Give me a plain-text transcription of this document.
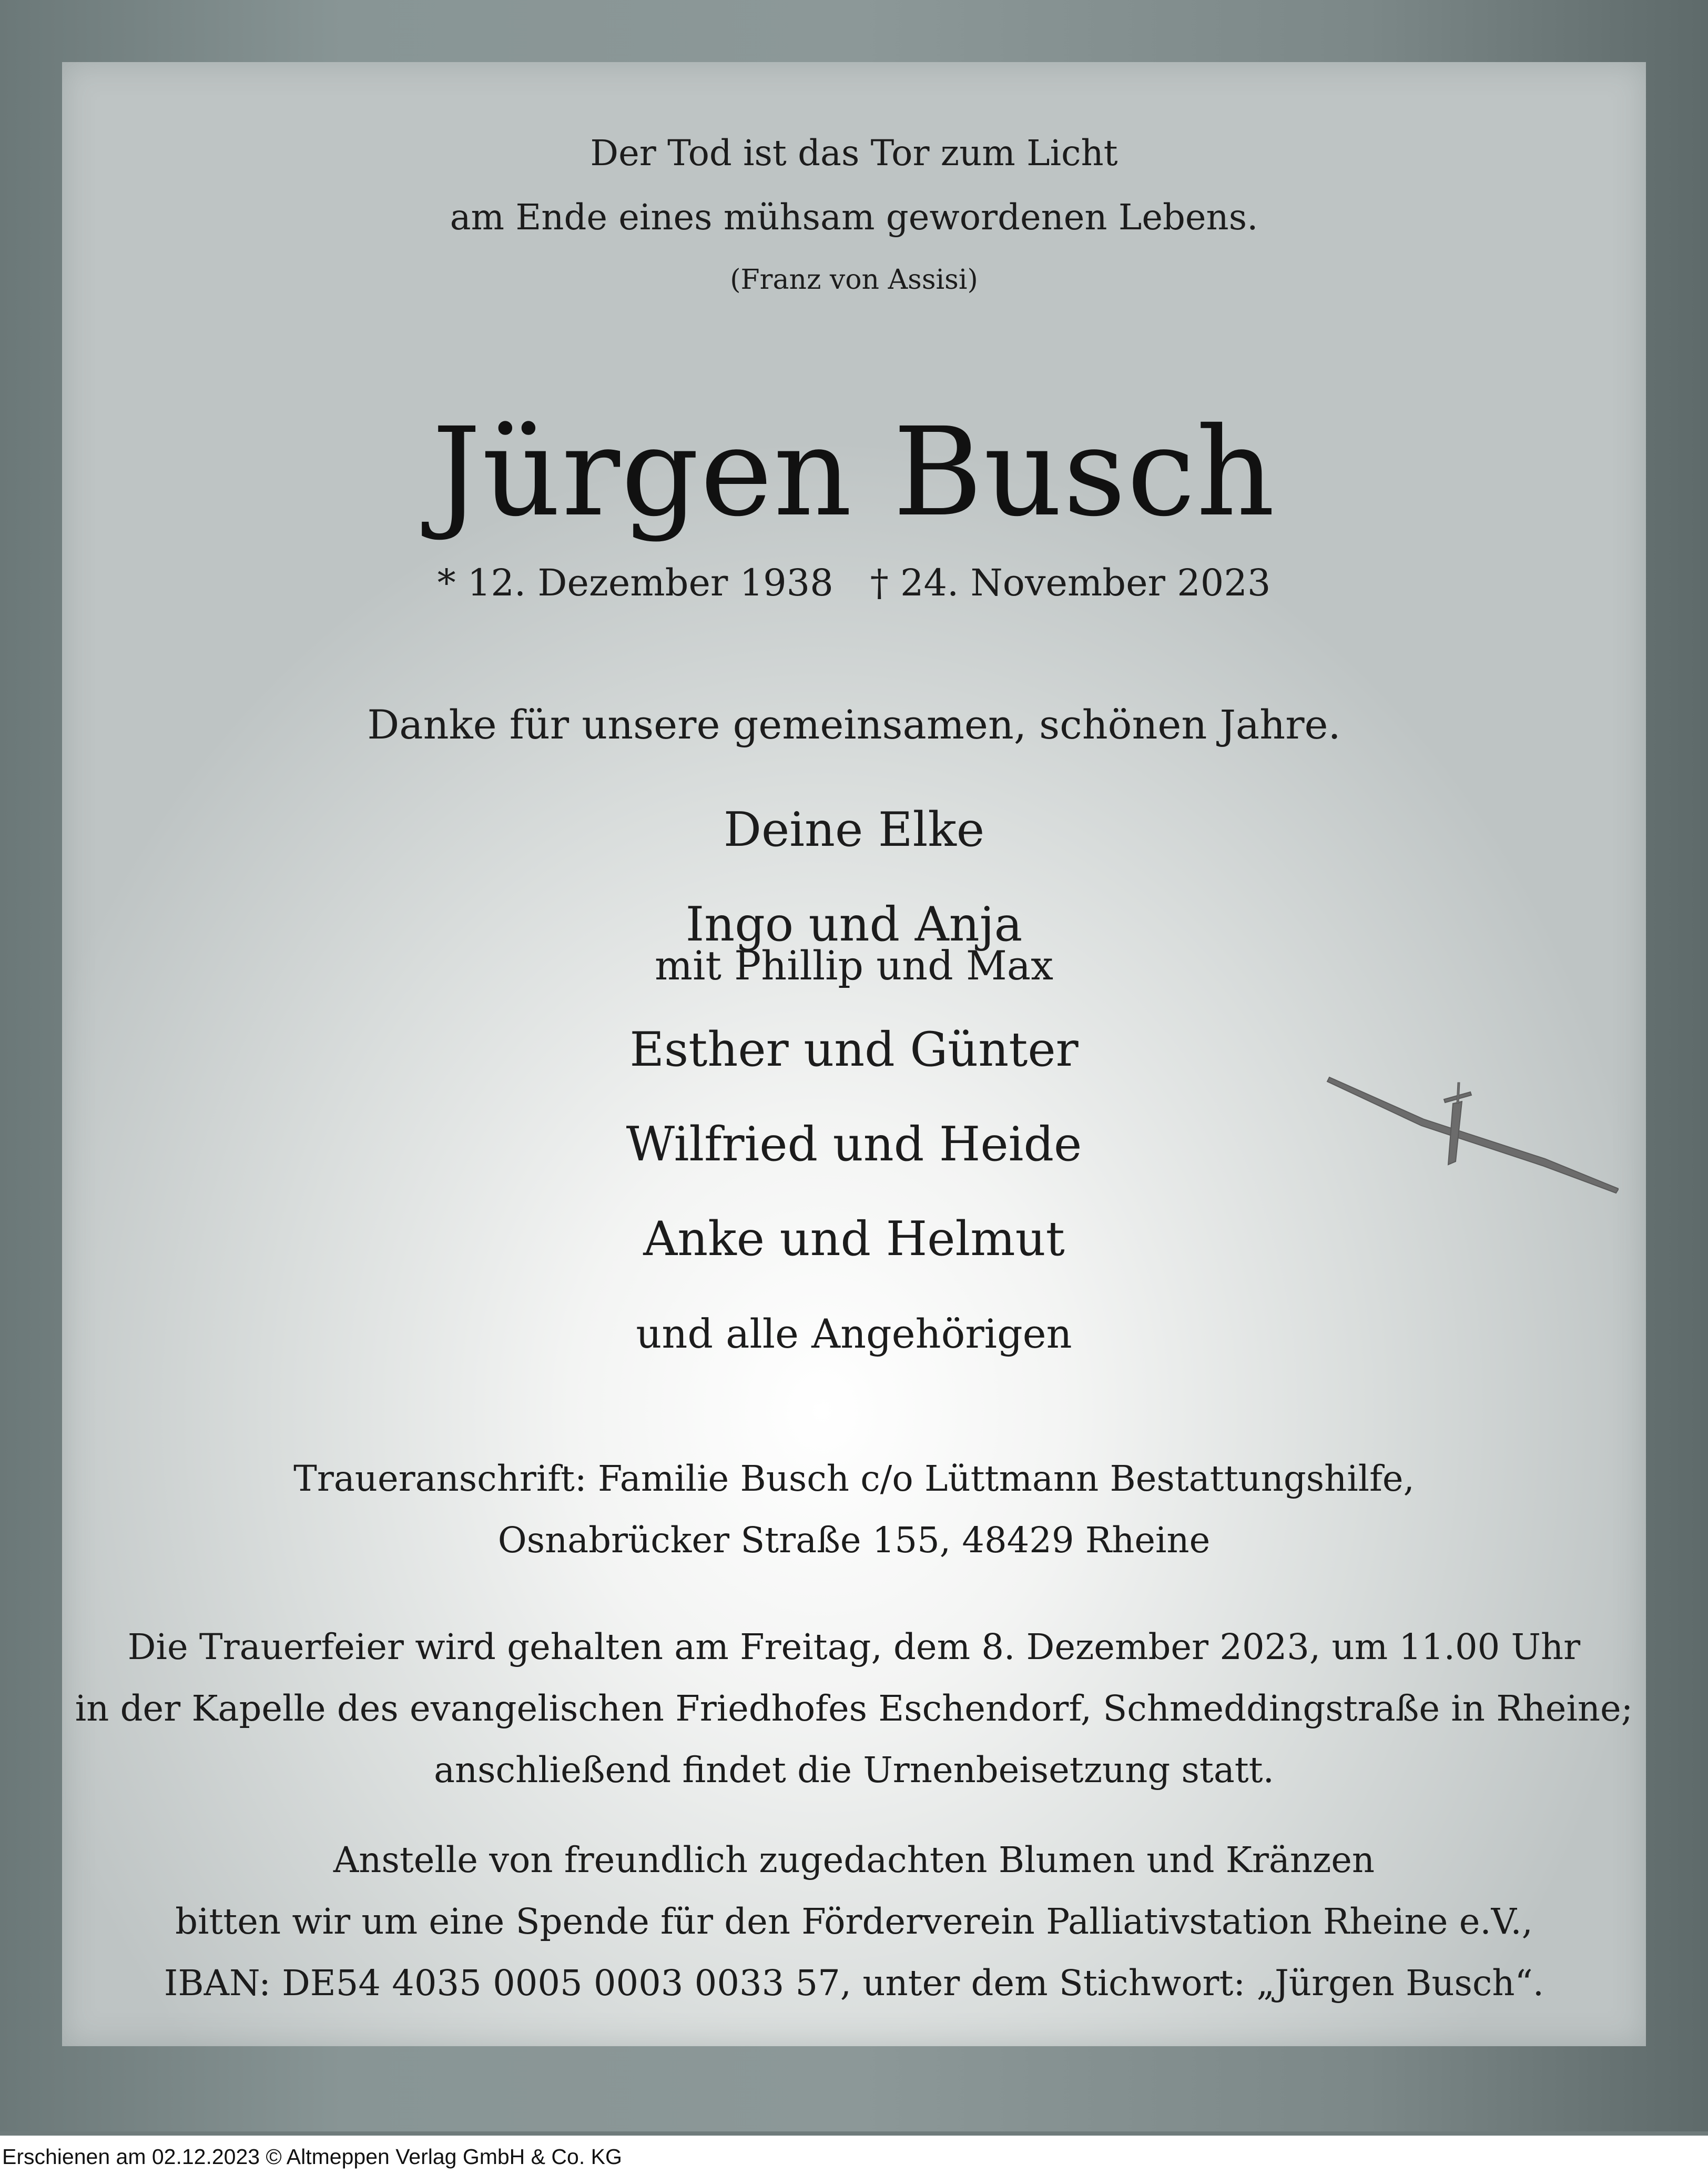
Der Tod ist das Tor zum Licht
am Ende eines mühsam gewordenen Lebens.
(Franz von Assisi)
Jürgen Busch
* 12. Dezember 1938 † 24. November 2023
Danke für unsere gemeinsamen, schönen Jahre.
Deine Elke
Ingo und Anja
mit Phillip und Max
Esther und Günter
Wilfried und Heide
Anke und Helmut
und alle Angehörigen
Traueranschrift: Familie Busch c/o Lüttmann Bestattungshilfe,
Osnabrücker Straße 155, 48429 Rheine
Die Trauerfeier wird gehalten am Freitag, dem 8. Dezember 2023, um 11.00 Uhr
in der Kapelle des evangelischen Friedhofes Eschendorf, Schmeddingstraße in Rheine;
anschließend findet die Urnenbeisetzung statt.
Anstelle von freundlich zugedachten Blumen und Kränzen
bitten wir um eine Spende für den Förderverein Palliativstation Rheine e.V.,
IBAN: DE54 4035 0005 0003 0033 57, unter dem Stichwort: „Jürgen Busch“.
Erschienen am 02.12.2023 © Altmeppen Verlag GmbH & Co. KG
